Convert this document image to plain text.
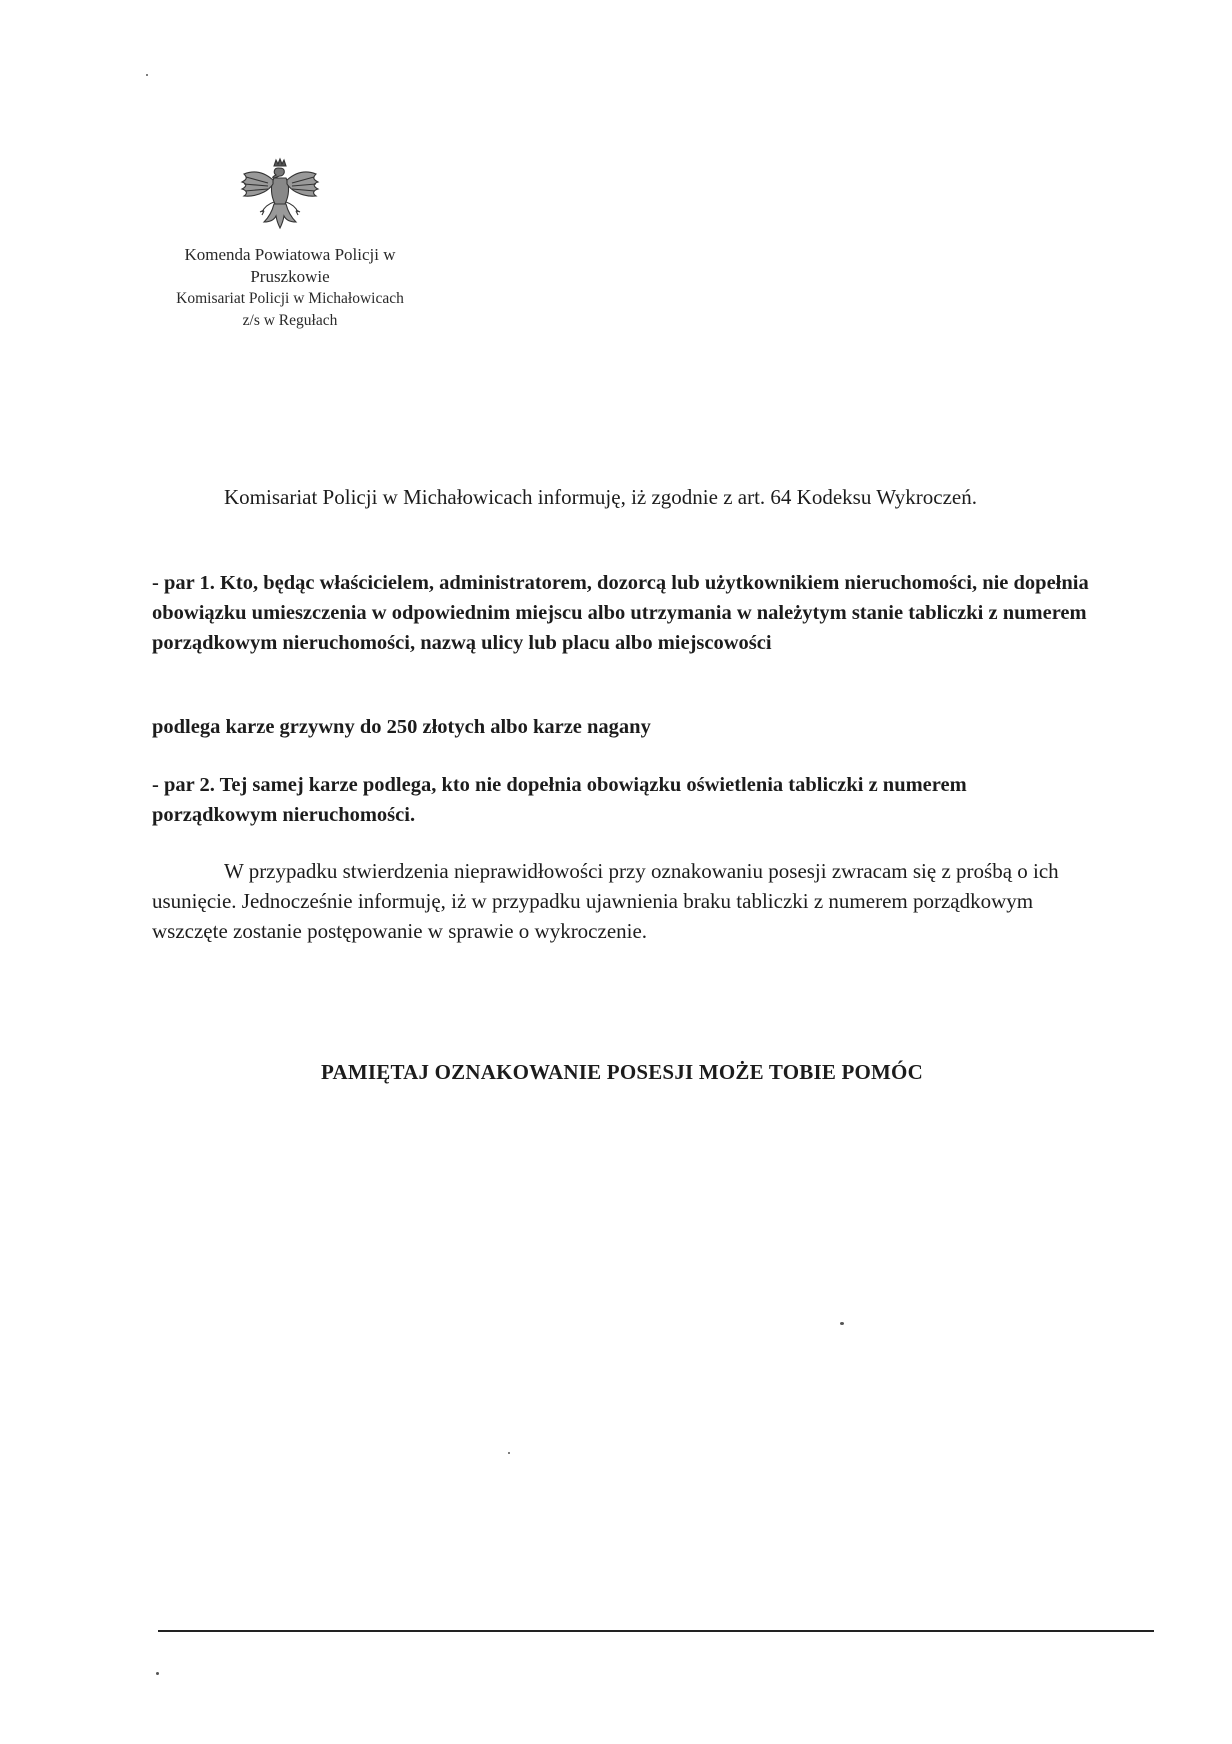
Komenda Powiatowa Policji w
Pruszkowie
Komisariat Policji w Michałowicach
z/s w Regułach

Komisariat Policji w Michałowicach informuję, iż zgodnie z art. 64 Kodeksu Wykroczeń.

- par 1. Kto, będąc właścicielem, administratorem, dozorcą lub użytkownikiem nieruchomości, nie dopełnia obowiązku umieszczenia w odpowiednim miejscu albo utrzymania w należytym stanie tabliczki z numerem porządkowym nieruchomości, nazwą ulicy lub placu albo miejscowości

podlega karze grzywny do 250 złotych albo karze nagany

- par 2. Tej samej karze podlega, kto nie dopełnia obowiązku oświetlenia tabliczki z numerem porządkowym nieruchomości.

W przypadku stwierdzenia nieprawidłowości przy oznakowaniu posesji zwracam się z prośbą o ich usunięcie. Jednocześnie informuję, iż w przypadku ujawnienia braku tabliczki z numerem porządkowym wszczęte zostanie postępowanie w sprawie o wykroczenie.

PAMIĘTAJ OZNAKOWANIE POSESJI MOŻE TOBIE POMÓC
